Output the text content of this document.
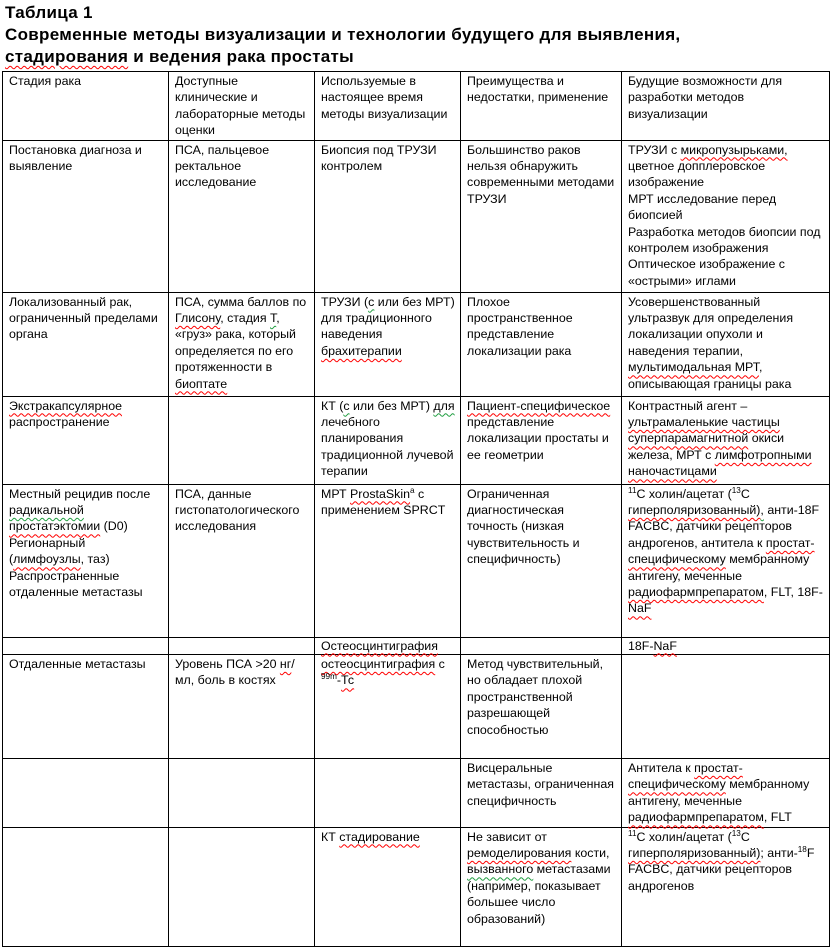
Таблица 1
Современные методы визуализации и технологии будущего для выявления,
стадирования и ведения рака простаты
Стадия рака	Доступные клинические и лабораторные методы оценки	Используемые в настоящее время методы визуализации	Преимущества и недостатки, применение	Будущие возможности для разработки методов визуализации

Постановка диагноза и выявление	ПСА, пальцевое ректальное исследование	Биопсия под ТРУЗИ контролем	Большинство раков нельзя обнаружить современными методами ТРУЗИ	ТРУЗИ с микропузырьками, цветное допплеровское изображение
МРТ исследование перед биопсией
Разработка методов биопсии под контролем изображения
Оптическое изображение с «острыми» иглами

Локализованный рак, ограниченный пределами органа	ПСА, сумма баллов по Глисону, стадия Т, «груз» рака, который определяется по его протяженности в биоптате	ТРУЗИ (с или без МРТ) для традиционного наведения брахитерапии	Плохое пространственное представление локализации рака	Усовершенствованный ультразвук для определения локализации опухоли и наведения терапии, мультимодальная МРТ, описывающая границы рака

Экстракапсулярное распространение		КТ (с или без МРТ) для лечебного планирования традиционной лучевой терапии	Пациент-специфическое представление локализации простаты и ее геометрии	Контрастный агент – ультрамаленькие частицы суперпарамагнитной окиси железа, МРТ с лимфотропными наночастицами

Местный рецидив после радикальной простатэктомии (D0)
Регионарный (лимфоузлы, таз)
Распространенные отдаленные метастазы	ПСА, данные гистопатологического исследования	МРТ ProstaSkin$^а$ с применением SPRCT	Ограниченная диагностическая точность (низкая чувствительность и специфичность)	$^{11}$С холин/ацетат ($^{13}$С гиперполяризованный), анти-18F FACBC, датчики рецепторов андрогенов, антитела к простат-специфическому мембранному антигену, меченные радиофармпрепаратом, FLT, 18F-NaF

		Остеосцинтиграфия		18F-NaF

Отдаленные метастазы	Уровень ПСА >20 нг/мл, боль в костях	остеосцинтиграфия с $^{99m}$-Тс	Метод чувствительный, но обладает плохой пространственной разрешающей способностью	

			Висцеральные метастазы, ограниченная специфичность	Антитела к простат-специфическому мембранному антигену, меченные радиофармпрепаратом, FLT

		КТ стадирование	Не зависит от ремоделирования кости, вызванного метастазами (например, показывает большее число образований)	$^{11}$С холин/ацетат ($^{13}$С гиперполяризованный); анти-$^{18}$F FACBC, датчики рецепторов андрогенов
